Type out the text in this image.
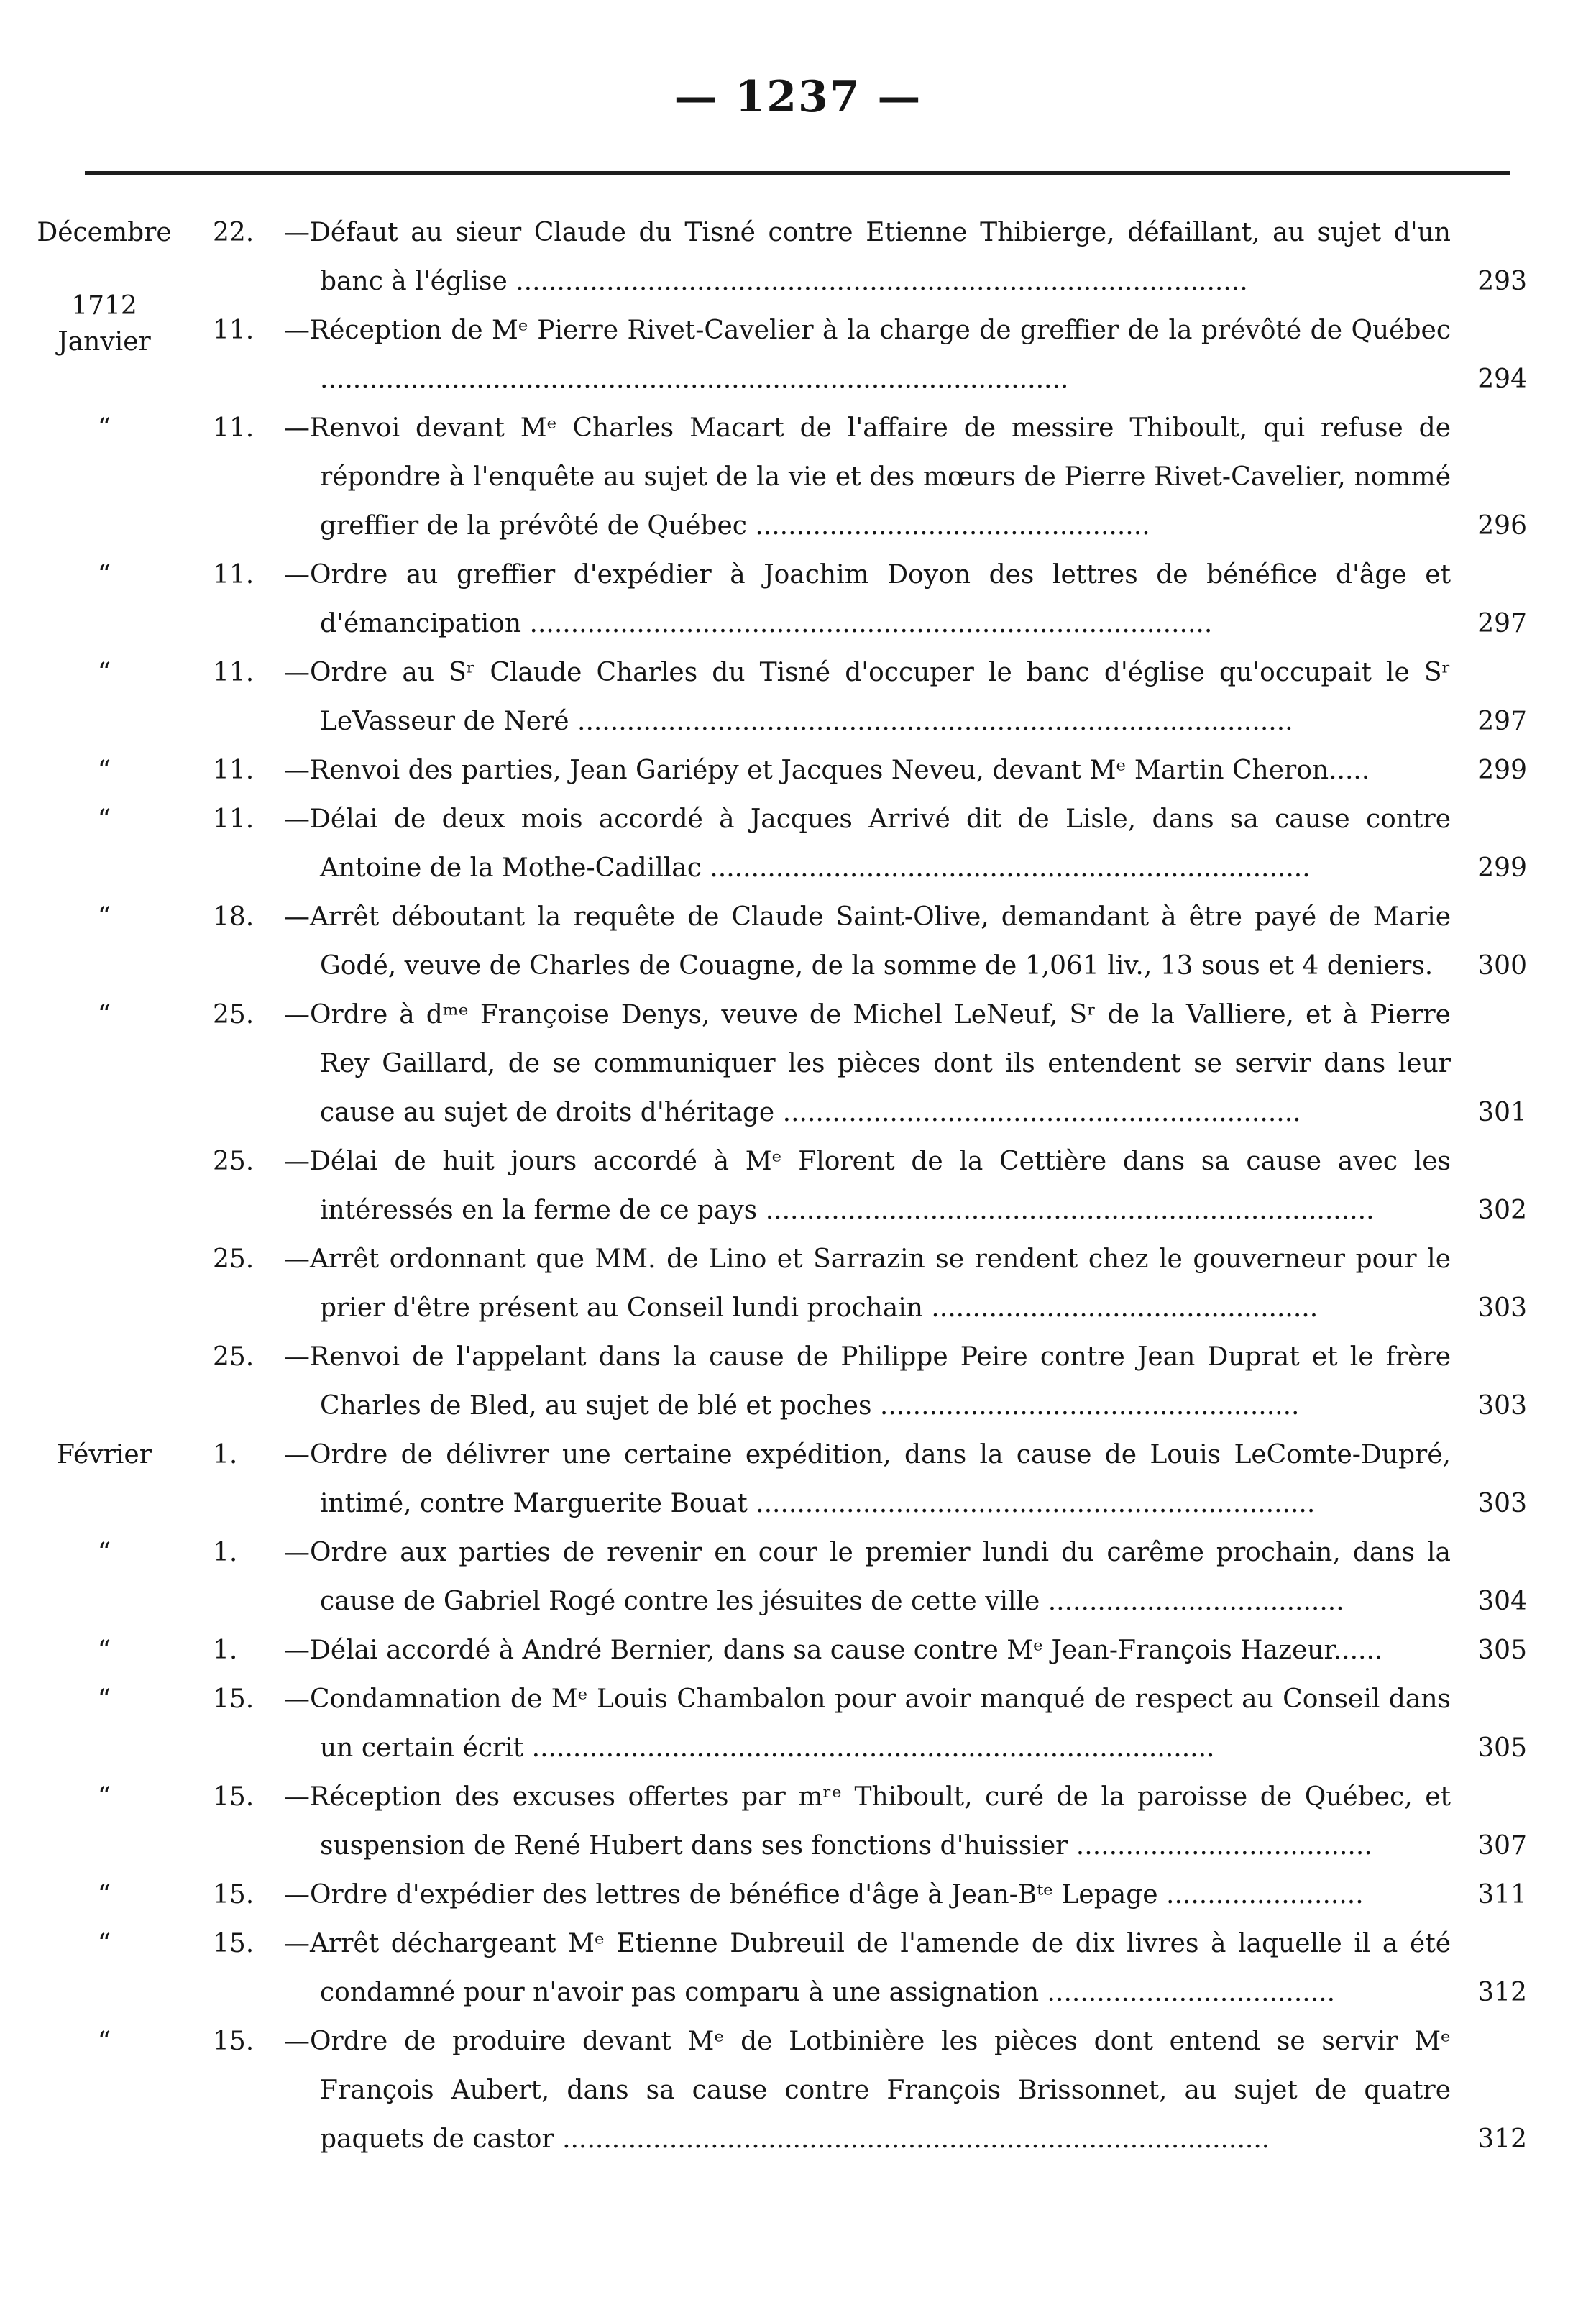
— 1237 —
Décembre	22. —Défaut au sieur Claude du Tisné contre Etienne Thibierge, défaillant, au sujet d'un banc à l'église .........................................................................................	293
1712
Janvier	11. —Réception de Mᵉ Pierre Rivet-Cavelier à la charge de greffier de la prévôté de Québec ...........................................................................................	294
“	11. —Renvoi devant Mᵉ Charles Macart de l'affaire de messire Thiboult, qui refuse de répondre à l'enquête au sujet de la vie et des mœurs de Pierre Rivet-Cavelier, nommé greffier de la prévôté de Québec ................................................	296
“	11. —Ordre au greffier d'expédier à Joachim Doyon des lettres de bénéfice d'âge et d'émancipation ...................................................................................	297
“	11. —Ordre au Sʳ Claude Charles du Tisné d'occuper le banc d'église qu'occupait le Sʳ LeVasseur de Neré .......................................................................................	297
“	11. —Renvoi des parties, Jean Gariépy et Jacques Neveu, devant Mᵉ Martin Cheron.....	299
“	11. —Délai de deux mois accordé à Jacques Arrivé dit de Lisle, dans sa cause contre Antoine de la Mothe-Cadillac .........................................................................	299
“	18. —Arrêt déboutant la requête de Claude Saint-Olive, demandant à être payé de Marie Godé, veuve de Charles de Couagne, de la somme de 1,061 liv., 13 sous et 4 deniers.	300
“	25. —Ordre à dᵐᵉ Françoise Denys, veuve de Michel LeNeuf, Sʳ de la Valliere, et à Pierre Rey Gaillard, de se communiquer les pièces dont ils entendent se servir dans leur cause au sujet de droits d'héritage ...............................................................	301
25. —Délai de huit jours accordé à Mᵉ Florent de la Cettière dans sa cause avec les intéressés en la ferme de ce pays ..........................................................................	302
25. —Arrêt ordonnant que MM. de Lino et Sarrazin se rendent chez le gouverneur pour le prier d'être présent au Conseil lundi prochain ...............................................	303
25. —Renvoi de l'appelant dans la cause de Philippe Peire contre Jean Duprat et le frère Charles de Bled, au sujet de blé et poches ...................................................	303
Février	1. —Ordre de délivrer une certaine expédition, dans la cause de Louis LeComte-Dupré, intimé, contre Marguerite Bouat ....................................................................	303
“	1. —Ordre aux parties de revenir en cour le premier lundi du carême prochain, dans la cause de Gabriel Rogé contre les jésuites de cette ville ....................................	304
“	1. —Délai accordé à André Bernier, dans sa cause contre Mᵉ Jean-François Hazeur......	305
“	15. —Condamnation de Mᵉ Louis Chambalon pour avoir manqué de respect au Conseil dans un certain écrit ...................................................................................	305
“	15. —Réception des excuses offertes par mʳᵉ Thiboult, curé de la paroisse de Québec, et suspension de René Hubert dans ses fonctions d'huissier ....................................	307
“	15. —Ordre d'expédier des lettres de bénéfice d'âge à Jean-Bᵗᵉ Lepage ........................	311
“	15. —Arrêt déchargeant Mᵉ Etienne Dubreuil de l'amende de dix livres à laquelle il a été condamné pour n'avoir pas comparu à une assignation ...................................	312
“	15. —Ordre de produire devant Mᵉ de Lotbinière les pièces dont entend se servir Mᵉ François Aubert, dans sa cause contre François Brissonnet, au sujet de quatre paquets de castor ......................................................................................	312
